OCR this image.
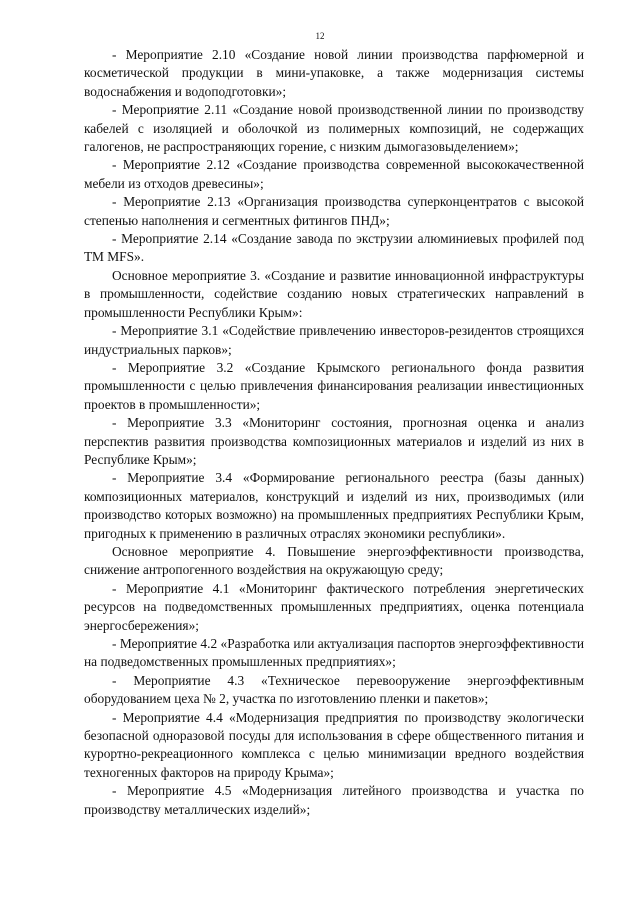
12

- Мероприятие 2.10 «Создание новой линии производства парфюмерной и косметической продукции в мини-упаковке, а также модернизация системы водоснабжения и водоподготовки»;

- Мероприятие 2.11 «Создание новой производственной линии по производству кабелей с изоляцией и оболочкой из полимерных композиций, не содержащих галогенов, не распространяющих горение, с низким дымогазовыделением»;

- Мероприятие 2.12 «Создание производства современной высококачественной мебели из отходов древесины»;

- Мероприятие 2.13 «Организация производства суперконцентратов с высокой степенью наполнения и сегментных фитингов ПНД»;

- Мероприятие 2.14 «Создание завода по экструзии алюминиевых профилей под ТМ MFS».

Основное мероприятие 3. «Создание и развитие инновационной инфраструктуры в промышленности, содействие созданию новых стратегических направлений в промышленности Республики Крым»:

- Мероприятие 3.1 «Содействие привлечению инвесторов-резидентов строящихся индустриальных парков»;

- Мероприятие 3.2 «Создание Крымского регионального фонда развития промышленности с целью привлечения финансирования реализации инвестиционных проектов в промышленности»;

- Мероприятие 3.3 «Мониторинг состояния, прогнозная оценка и анализ перспектив развития производства композиционных материалов и изделий из них в Республике Крым»;

- Мероприятие 3.4 «Формирование регионального реестра (базы данных) композиционных материалов, конструкций и изделий из них, производимых (или производство которых возможно) на промышленных предприятиях Республики Крым, пригодных к применению в различных отраслях экономики республики».

Основное мероприятие 4. Повышение энергоэффективности производства, снижение антропогенного воздействия на окружающую среду;

- Мероприятие 4.1 «Мониторинг фактического потребления энергетических ресурсов на подведомственных промышленных предприятиях, оценка потенциала энергосбережения»;

- Мероприятие 4.2 «Разработка или актуализация паспортов энергоэффективности на подведомственных промышленных предприятиях»;

- Мероприятие 4.3 «Техническое перевооружение энергоэффективным оборудованием цеха № 2, участка по изготовлению пленки и пакетов»;

- Мероприятие 4.4 «Модернизация предприятия по производству экологически безопасной одноразовой посуды для использования в сфере общественного питания и курортно-рекреационного комплекса с целью минимизации вредного воздействия техногенных факторов на природу Крыма»;

- Мероприятие 4.5 «Модернизация литейного производства и участка по производству металлических изделий»;
